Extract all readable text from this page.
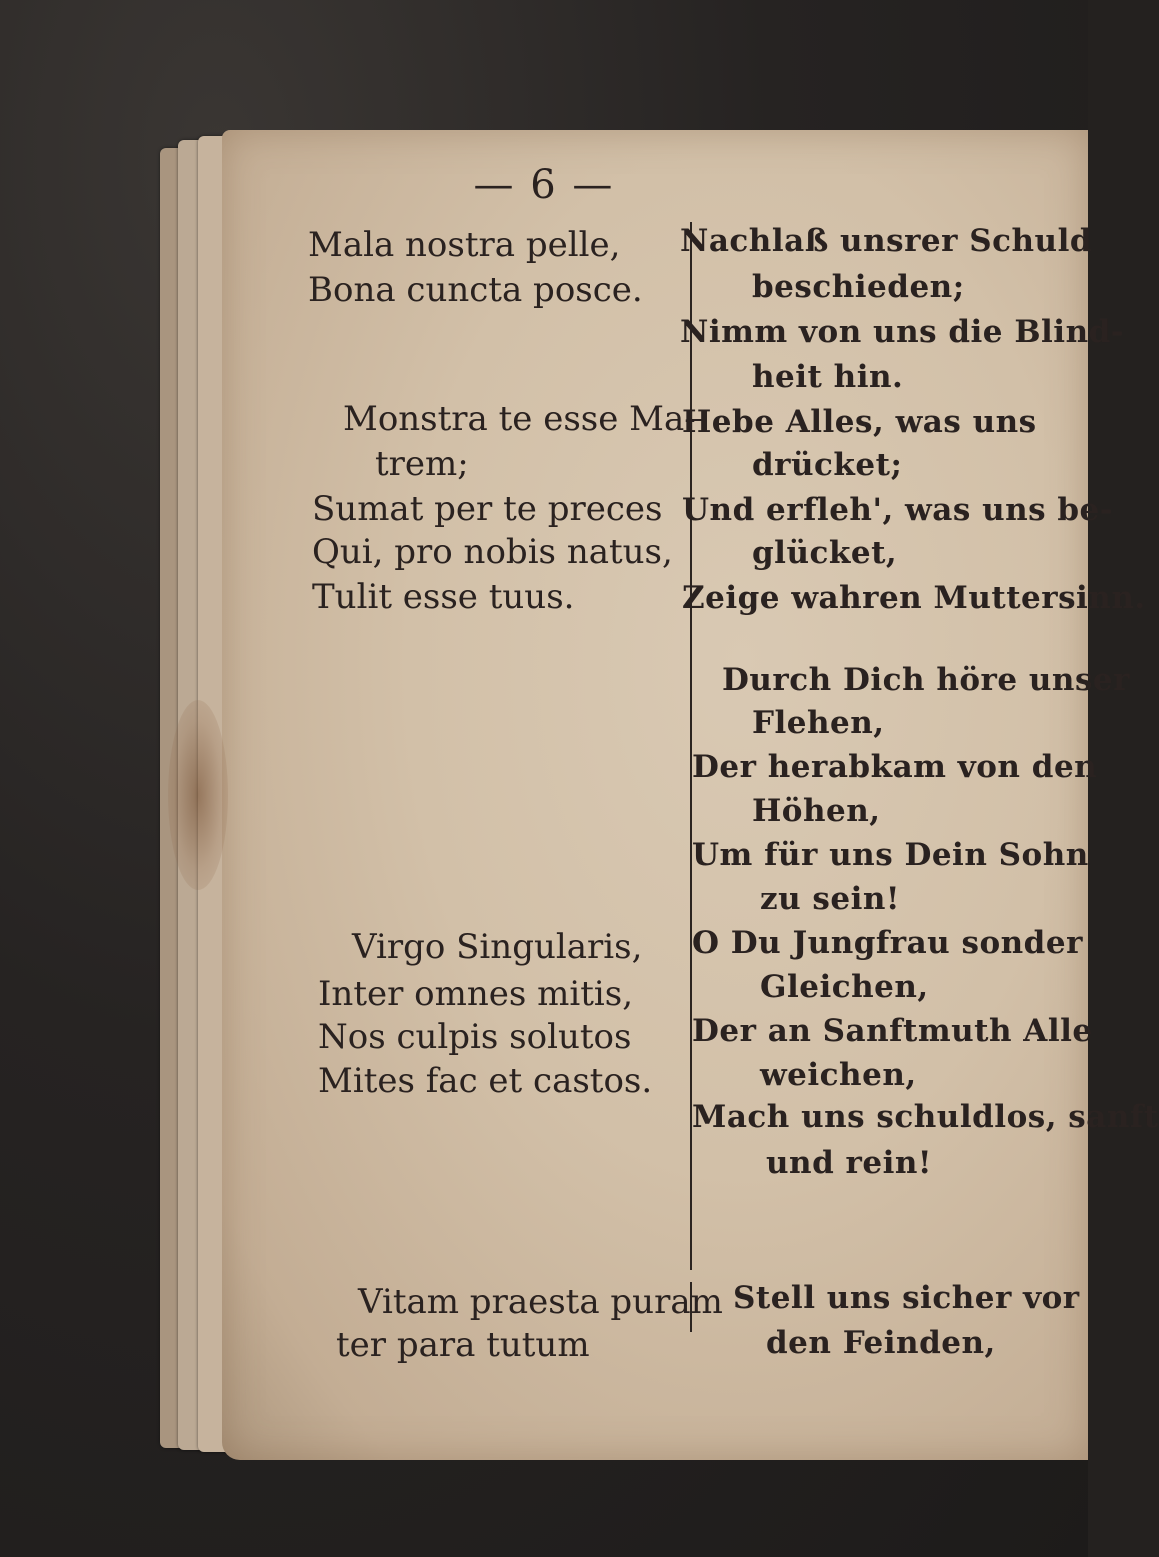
— 6 —
Mala nostra pelle,
Bona cuncta posce.
Monstra te esse Ma-
trem;
Sumat per te preces
Qui, pro nobis natus,
Tulit esse tuus.
Virgo Singularis,
Inter omnes mitis,
Nos culpis solutos
Mites fac et castos.
Vitam praesta puram
ter para tutum
Nachlaß unsrer Schuld
beschieden;
Nimm von uns die Blind-
heit hin.
Hebe Alles, was uns
drücket;
Und erfleh', was uns be-
glücket,
Zeige wahren Muttersinn.
Durch Dich höre unser
Flehen,
Der herabkam von den
Höhen,
Um für uns Dein Sohn
zu sein!
O Du Jungfrau sonder
Gleichen,
Der an Sanftmuth Alle
weichen,
Mach uns schuldlos, sanft
und rein!
Stell uns sicher vor
den Feinden,
